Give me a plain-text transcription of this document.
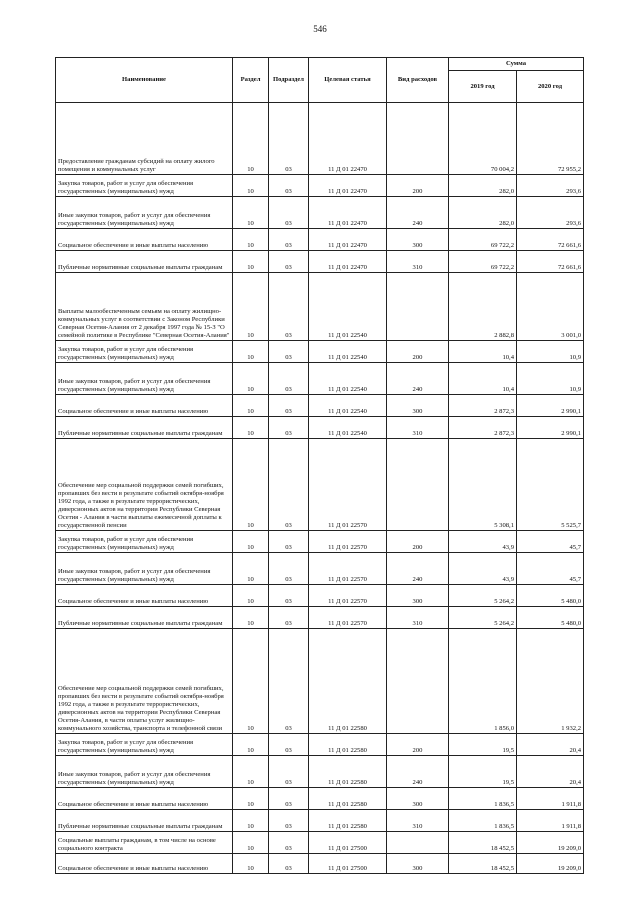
546
Наименование	Раздел	Подраздел	Целевая статья	Вид расходов	Сумма	
					2019 год	2020 год
Предоставление гражданам субсидий на оплату жилого помещения и коммунальных услуг	10	03	11 Д 01 22470		70 004,2	72 955,2
Закупка товаров, работ и услуг для обеспечения государственных (муниципальных) нужд	10	03	11 Д 01 22470	200	282,0	293,6
Иные закупки товаров, работ и услуг для обеспечения государственных (муниципальных) нужд	10	03	11 Д 01 22470	240	282,0	293,6
Социальное обеспечение и иные выплаты населению	10	03	11 Д 01 22470	300	69 722,2	72 661,6
Публичные нормативные социальные выплаты гражданам	10	03	11 Д 01 22470	310	69 722,2	72 661,6
Выплаты малообеспеченным семьям на оплату жилищно-коммунальных услуг в соответствии с Законом Республики Северная Осетия-Алания от 2 декабря 1997 года № 15-З "О семейной политике в Республике "Северная Осетия-Алания"	10	03	11 Д 01 22540		2 882,8	3 001,0
Закупка товаров, работ и услуг для обеспечения государственных (муниципальных) нужд	10	03	11 Д 01 22540	200	10,4	10,9
Иные закупки товаров, работ и услуг для обеспечения государственных (муниципальных) нужд	10	03	11 Д 01 22540	240	10,4	10,9
Социальное обеспечение и иные выплаты населению	10	03	11 Д 01 22540	300	2 872,3	2 990,1
Публичные нормативные социальные выплаты гражданам	10	03	11 Д 01 22540	310	2 872,3	2 990,1
Обеспечение мер социальной поддержки семей погибших, пропавших без вести в результате событий октября-ноября 1992 года, а также в результате террористических, диверсионных актов на территории Республики Северная Осетия - Алания в части выплаты ежемесячной доплаты к государственной пенсии	10	03	11 Д 01 22570		5 308,1	5 525,7
Закупка товаров, работ и услуг для обеспечения государственных (муниципальных) нужд	10	03	11 Д 01 22570	200	43,9	45,7
Иные закупки товаров, работ и услуг для обеспечения государственных (муниципальных) нужд	10	03	11 Д 01 22570	240	43,9	45,7
Социальное обеспечение и иные выплаты населению	10	03	11 Д 01 22570	300	5 264,2	5 480,0
Публичные нормативные социальные выплаты гражданам	10	03	11 Д 01 22570	310	5 264,2	5 480,0
Обеспечение мер социальной поддержки семей погибших, пропавших без вести в результате событий октября-ноября 1992 года, а также в результате террористических, диверсионных актов на территории Республики Северная Осетия-Алания, в части оплаты услуг жилищно-коммунального хозяйства, транспорта и телефонной связи	10	03	11 Д 01 22580		1 856,0	1 932,2
Закупка товаров, работ и услуг для обеспечения государственных (муниципальных) нужд	10	03	11 Д 01 22580	200	19,5	20,4
Иные закупки товаров, работ и услуг для обеспечения государственных (муниципальных) нужд	10	03	11 Д 01 22580	240	19,5	20,4
Социальное обеспечение и иные выплаты населению	10	03	11 Д 01 22580	300	1 836,5	1 911,8
Публичные нормативные социальные выплаты гражданам	10	03	11 Д 01 22580	310	1 836,5	1 911,8
Социальные выплаты гражданам, в том числе на основе социального контракта	10	03	11 Д 01 27500		18 452,5	19 209,0
Социальное обеспечение и иные выплаты населению	10	03	11 Д 01 27500	300	18 452,5	19 209,0
